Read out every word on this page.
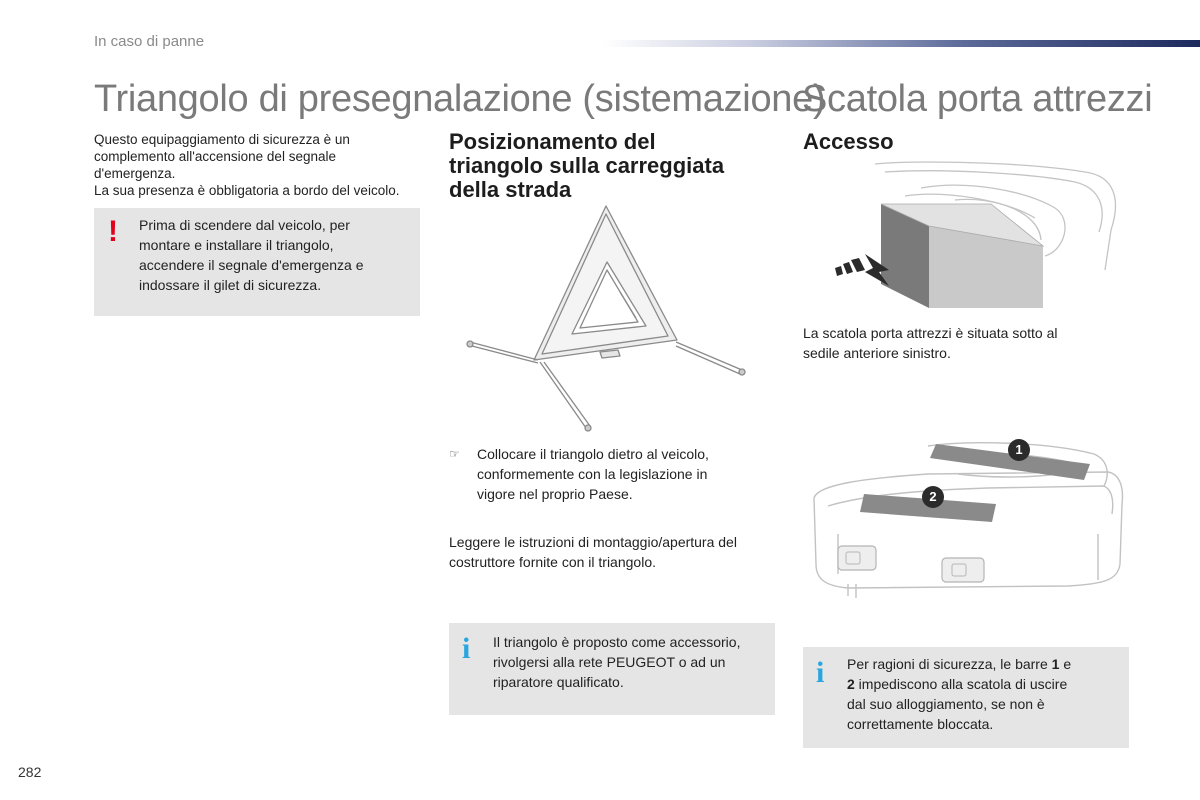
In caso di panne
Triangolo di presegnalazione (sistemazione)
Scatola porta attrezzi
Questo equipaggiamento di sicurezza è un
complemento all'accensione del segnale
d'emergenza.
La sua presenza è obbligatoria a bordo del veicolo.
! Prima di scendere dal veicolo, per
montare e installare il triangolo,
accendere il segnale d'emergenza e
indossare il gilet di sicurezza.
Posizionamento del
triangolo sulla carreggiata
della strada
☞ Collocare il triangolo dietro al veicolo,
conformemente con la legislazione in
vigore nel proprio Paese.
Leggere le istruzioni di montaggio/apertura del
costruttore fornite con il triangolo.
i Il triangolo è proposto come accessorio,
rivolgersi alla rete PEUGEOT o ad un
riparatore qualificato.
Accesso
La scatola porta attrezzi è situata sotto al
sedile anteriore sinistro.
1
2
i Per ragioni di sicurezza, le barre 1 e
2 impediscono alla scatola di uscire
dal suo alloggiamento, se non è
correttamente bloccata.
282
